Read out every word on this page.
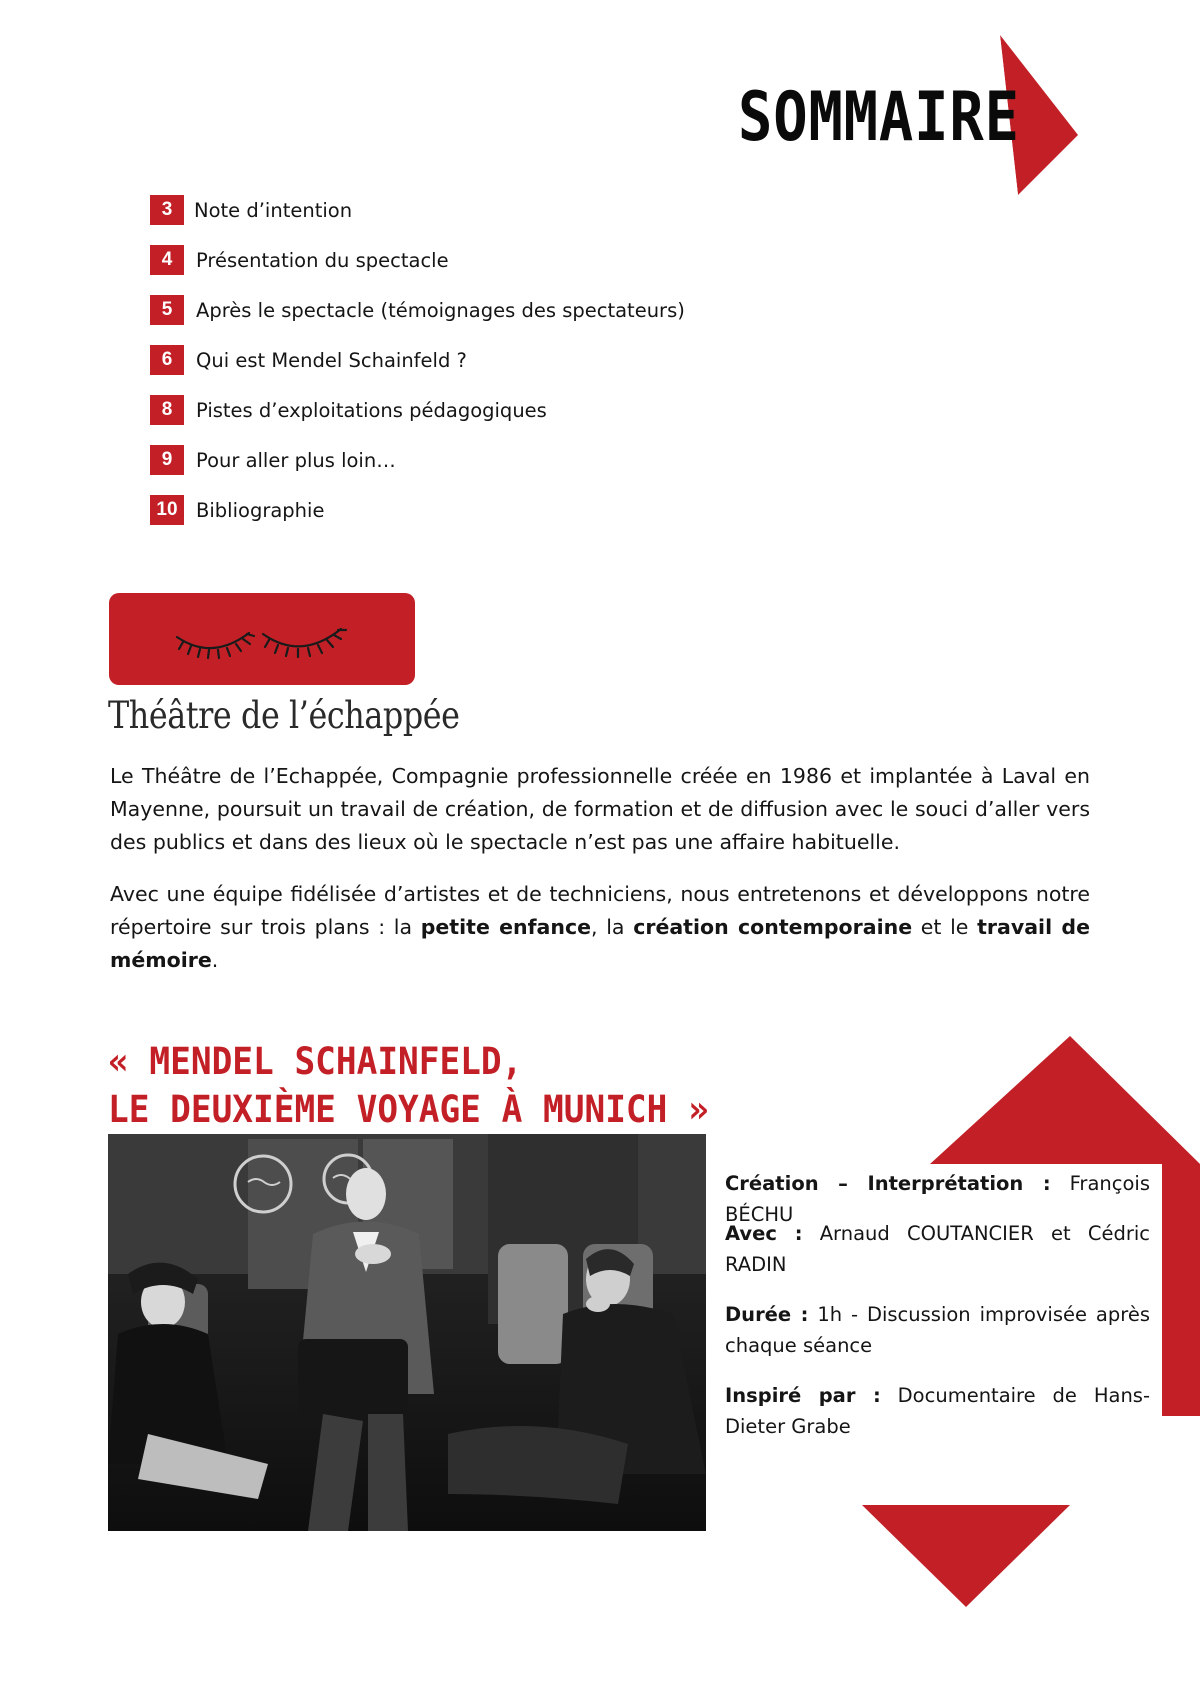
SOMMAIRE
3	Note d’intention
4	Présentation du spectacle
5	Après le spectacle (témoignages des spectateurs)
6	Qui est Mendel Schainfeld ?
8	Pistes d’exploitations pédagogiques
9	Pour aller plus loin…
10 Bibliographie
Théâtre de l’échappée
Le Théâtre de l’Echappée, Compagnie professionnelle créée en 1986 et implantée à Laval en Mayenne, poursuit un travail de création, de formation et de diffusion avec le souci d’aller vers des publics et dans des lieux où le spectacle n’est pas une affaire habituelle.
Avec une équipe fidélisée d’artistes et de techniciens, nous entretenons et développons notre répertoire sur trois plans : la petite enfance, la création contemporaine et le travail de mémoire.
« MENDEL SCHAINFELD,
LE DEUXIÈME VOYAGE À MUNICH »
Création – Interprétation : François BÉCHU
Avec : Arnaud COUTANCIER et Cédric RADIN
Durée : 1h - Discussion improvisée après chaque séance
Inspiré par : Documentaire de Hans-Dieter Grabe
